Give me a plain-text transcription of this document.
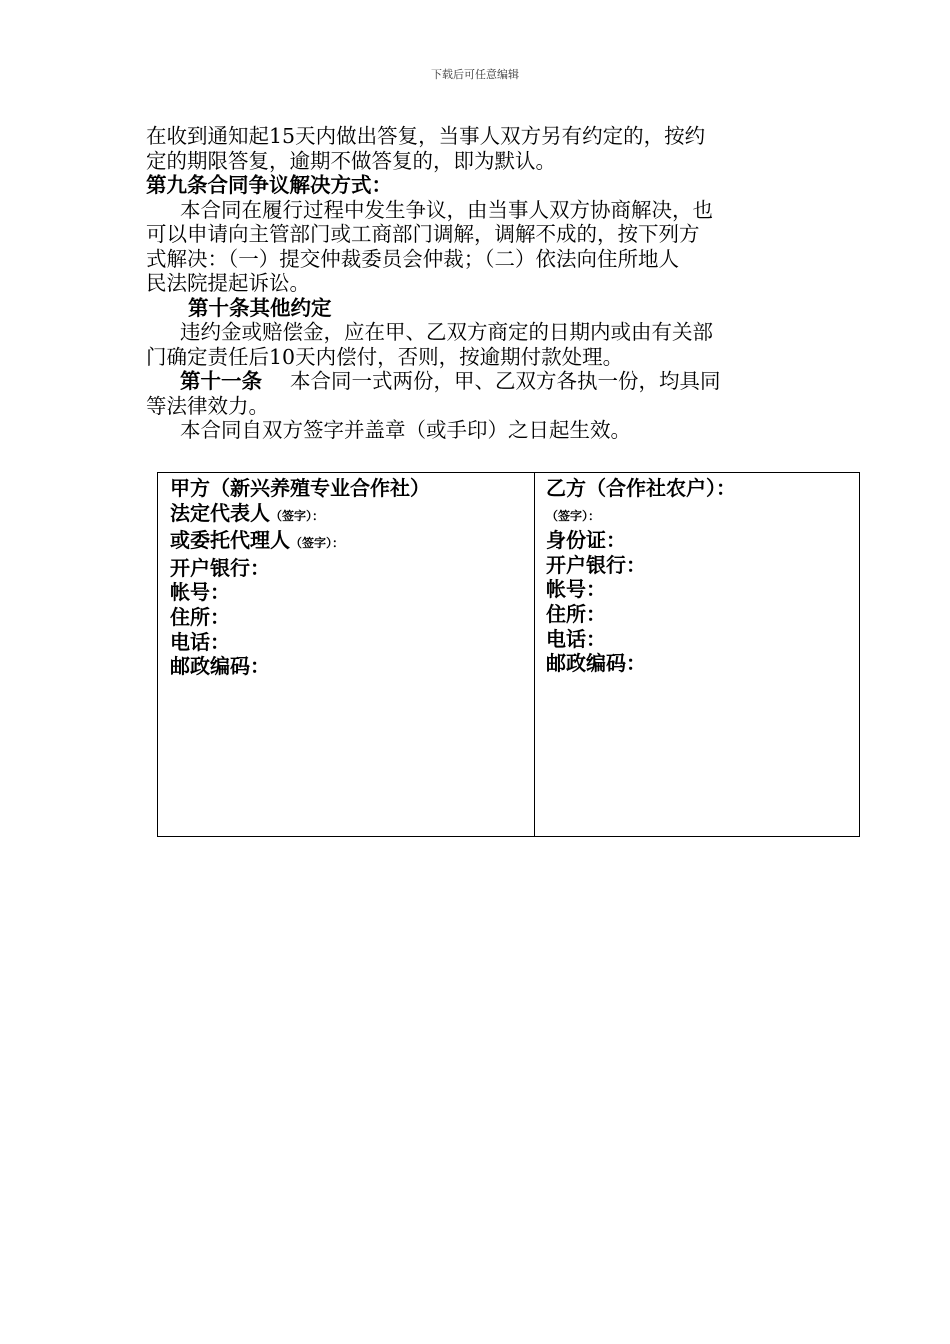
下载后可任意编辑

在收到通知起15天内做出答复，当事人双方另有约定的，按约

定的期限答复，逾期不做答复的，即为默认。

第九条合同争议解决方式：

本合同在履行过程中发生争议，由当事人双方协商解决，也

可以申请向主管部门或工商部门调解，调解不成的，按下列方

式解决：（一）提交仲裁委员会仲裁；（二）依法向住所地人

民法院提起诉讼。

第十条其他约定

违约金或赔偿金，应在甲、乙双方商定的日期内或由有关部

门确定责任后10天内偿付，否则，按逾期付款处理。

第十一条 本合同一式两份，甲、乙双方各执一份，均具同

等法律效力。

本合同自双方签字并盖章（或手印）之日起生效。

甲方（新兴养殖专业合作社）
法定代表人（签字）：
或委托代理人（签字）：
开户银行：
帐号：
住所：
电话：
邮政编码：
乙方（合作社农户）：
（签字）：
身份证：
开户银行：
帐号：
住所：
电话：
邮政编码：
